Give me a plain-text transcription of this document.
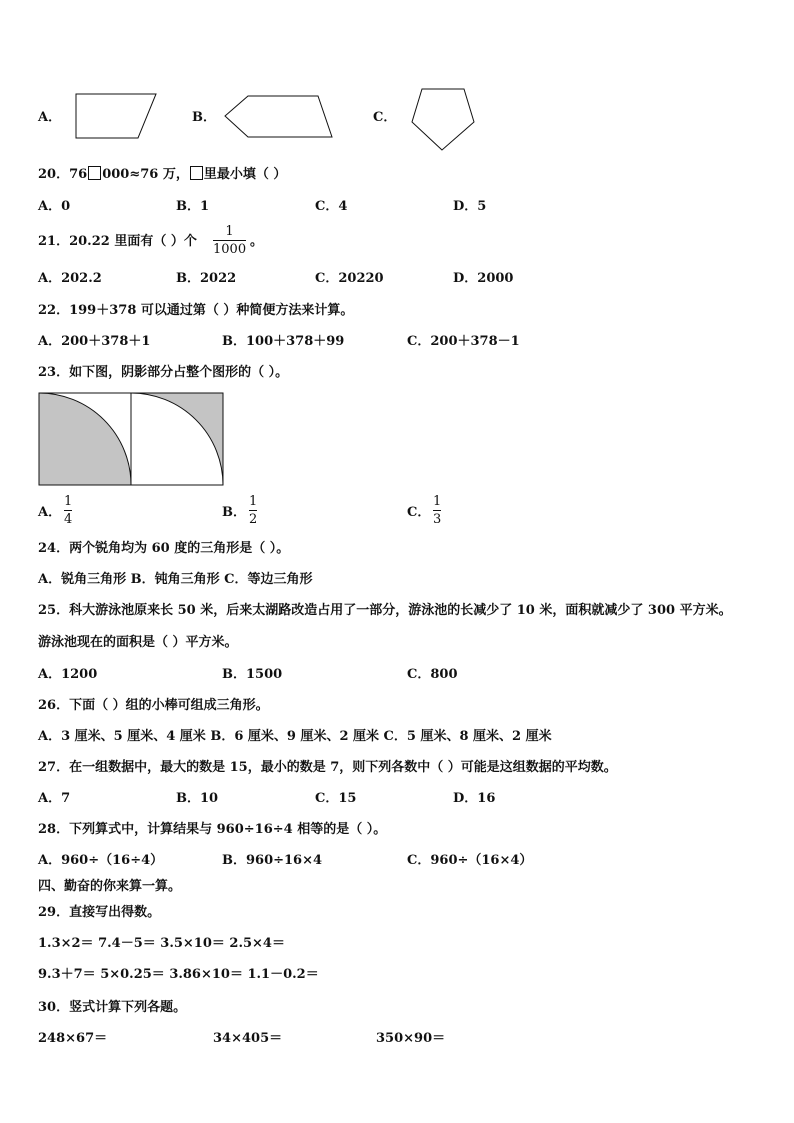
A．	B．	C．
20．76 000≈76 万， 里最小填（ ）
A．0	B．1	C．4	D．5
21．20.22 里面有（ ）个
1
1000
。
A．202.2	B．2022	C．20220	D．2000
22．199＋378 可以通过第（ ）种简便方法来计算。
A．200＋378＋1	B．100＋378＋99	C．200＋378－1
23．如下图，阴影部分占整个图形的（ ）。
A．
1
4	B．
1
2	C．
1
3
24．两个锐角均为 60 度的三角形是（ ）。
A．锐角三角形 B．钝角三角形 C．等边三角形
25．科大游泳池原来长 50 米，后来太湖路改造占用了一部分，游泳池的长减少了 10 米，面积就减少了 300 平方米。
游泳池现在的面积是（ ）平方米。
A．1200	B．1500	C．800
26．下面（ ）组的小棒可组成三角形。
A．3 厘米、5 厘米、4 厘米 B．6 厘米、9 厘米、2 厘米 C．5 厘米、8 厘米、2 厘米
27．在一组数据中，最大的数是 15，最小的数是 7，则下列各数中（ ）可能是这组数据的平均数。
A．7	B．10	C．15	D．16
28．下列算式中，计算结果与 960÷16÷4 相等的是（ ）。
A．960÷（16÷4）	B．960÷16×4	C．960÷（16×4）
四、勤奋的你来算一算。
29．直接写出得数。
1.3×2＝ 7.4－5＝ 3.5×10＝ 2.5×4＝
9.3＋7＝ 5×0.25＝ 3.86×10＝ 1.1－0.2＝
30．竖式计算下列各题。
248×67＝	34×405＝	350×90＝
